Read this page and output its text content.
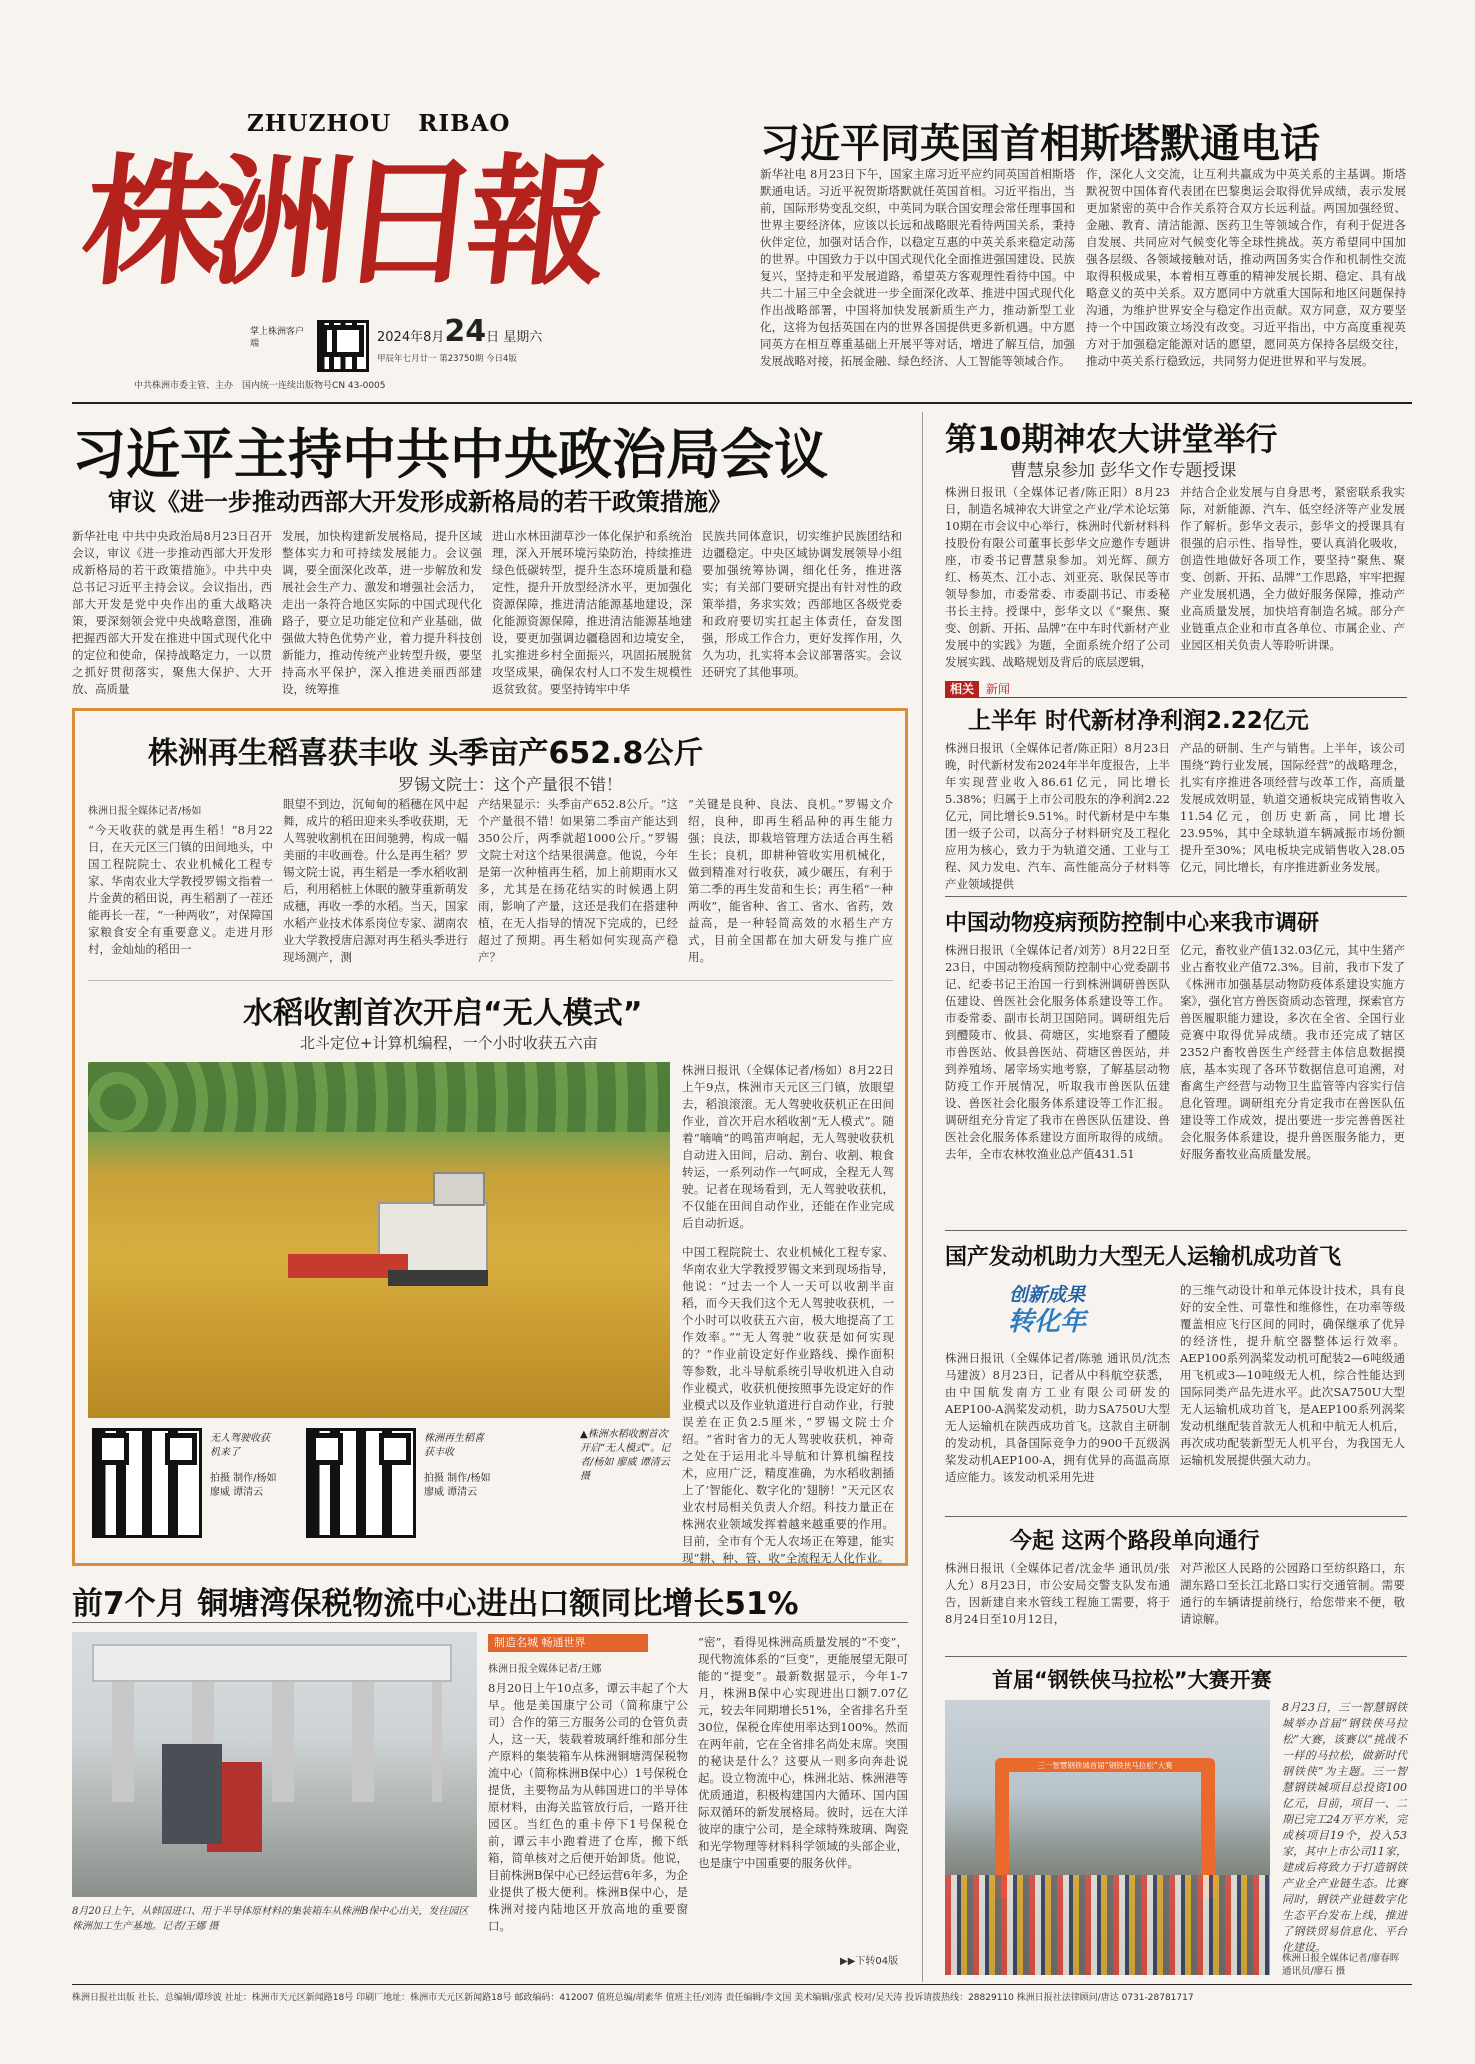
ZHUZHOU   RIBAO
株洲日報
掌上株洲客户端	2024年8月24日 星期六
甲辰年七月廿一 第23750期 今日4版
中共株洲市委主管、主办　 国内统一连续出版物号CN 43-0005
习近平同英国首相斯塔默通电话
新华社电 8月23日下午，国家主席习近平应约同英国首相斯塔默通电话。习近平祝贺斯塔默就任英国首相。习近平指出，当前，国际形势变乱交织，中英同为联合国安理会常任理事国和世界主要经济体，应该以长远和战略眼光看待两国关系，秉持伙伴定位，加强对话合作，以稳定互惠的中英关系来稳定动荡的世界。中国致力于以中国式现代化全面推进强国建设、民族复兴，坚持走和平发展道路，希望英方客观理性看待中国。中共二十届三中全会就进一步全面深化改革、推进中国式现代化作出战略部署，中国将加快发展新质生产力，推动新型工业化，这将为包括英国在内的世界各国提供更多新机遇。中方愿同英方在相互尊重基础上开展平等对话，增进了解互信，加强发展战略对接，拓展金融、绿色经济、人工智能等领域合作。
作，深化人文交流，让互利共赢成为中英关系的主基调。斯塔默祝贺中国体育代表团在巴黎奥运会取得优异成绩，表示发展更加紧密的英中合作关系符合双方长远利益。两国加强经贸、金融、教育、清洁能源、医药卫生等领域合作，有利于促进各自发展、共同应对气候变化等全球性挑战。英方希望同中国加强各层级、各领域接触对话，推动两国务实合作和机制性交流取得积极成果，本着相互尊重的精神发展长期、稳定、具有战略意义的英中关系。双方愿同中方就重大国际和地区问题保持沟通，为维护世界安全与稳定作出贡献。双方同意，双方要坚持一个中国政策立场没有改变。习近平指出，中方高度重视英方对于加强稳定能源对话的愿望，愿同英方保持各层级交往，推动中英关系行稳致远，共同努力促进世界和平与发展。
习近平主持中共中央政治局会议
审议《进一步推动西部大开发形成新格局的若干政策措施》
新华社电 中共中央政治局8月23日召开会议，审议《进一步推动西部大开发形成新格局的若干政策措施》。中共中央总书记习近平主持会议。会议指出，西部大开发是党中央作出的重大战略决策，要深刻领会党中央战略意图，准确把握西部大开发在推进中国式现代化中的定位和使命，保持战略定力，一以贯之抓好贯彻落实，聚焦大保护、大开放、高质量
发展，加快构建新发展格局，提升区域整体实力和可持续发展能力。会议强调，要全面深化改革，进一步解放和发展社会生产力、激发和增强社会活力，走出一条符合地区实际的中国式现代化路子，要立足功能定位和产业基础，做强做大特色优势产业，着力提升科技创新能力，推动传统产业转型升级，要坚持高水平保护，深入推进美丽西部建设，统筹推
进山水林田湖草沙一体化保护和系统治理，深入开展环境污染防治，持续推进绿色低碳转型，提升生态环境质量和稳定性，提升开放型经济水平，更加强化资源保障，推进清洁能源基地建设，深化能源资源保障，推进清洁能源基地建设，要更加强调边疆稳固和边境安全，扎实推进乡村全面振兴，巩固拓展脱贫攻坚成果，确保农村人口不发生规模性返贫致贫。要坚持铸牢中华
民族共同体意识，切实维护民族团结和边疆稳定。中央区域协调发展领导小组要加强统筹协调，细化任务，推进落实；有关部门要研究提出有针对性的政策举措，务求实效；西部地区各级党委和政府要切实扛起主体责任，奋发图强，形成工作合力，更好发挥作用，久久为功，扎实将本会议部署落实。会议还研究了其他事项。
第10期神农大讲堂举行
曹慧泉参加 彭华文作专题授课
株洲日报讯（全媒体记者/陈正阳）8月23日，制造名城神农大讲堂之产业/学术论坛第10期在市会议中心举行，株洲时代新材料科技股份有限公司董事长彭华文应邀作专题讲座，市委书记曹慧泉参加。刘光辉、颜方红、杨英杰、江小志、刘亚亮、耿保民等市领导参加，市委常委、市委副书记、市委秘书长主持。授课中，彭华文以《“聚焦、聚变、创新、开拓、品牌”在中车时代新材产业发展中的实践》为题，全面系统介绍了公司发展实践、战略规划及背后的底层逻辑，
并结合企业发展与自身思考，紧密联系我实际，对新能源、汽车、低空经济等产业发展作了解析。彭华文表示，彭华文的授课具有很强的启示性、指导性，要认真消化吸收，创造性地做好各项工作，要坚持“聚焦、聚变、创新、开拓、品牌”工作思路，牢牢把握产业发展机遇，全力做好服务保障，推动产业高质量发展，加快培育制造名城。部分产业链重点企业和市直各单位、市属企业、产业园区相关负责人等聆听讲课。
相关 新闻
上半年 时代新材净利润2.22亿元
株洲日报讯（全媒体记者/陈正阳）8月23日晚，时代新材发布2024年半年度报告，上半年实现营业收入86.61亿元，同比增长5.38%；归属于上市公司股东的净利润2.22亿元，同比增长9.51%。时代新材是中车集团一级子公司，以高分子材料研究及工程化应用为核心，致力于为轨道交通、工业与工程、风力发电、汽车、高性能高分子材料等产业领域提供
产品的研制、生产与销售。上半年，该公司围绕“跨行业发展，国际经营”的战略理念，扎实有序推进各项经营与改革工作，高质量发展成效明显，轨道交通板块完成销售收入11.54亿元，创历史新高，同比增长23.95%，其中全球轨道车辆减振市场份额提升至30%；风电板块完成销售收入28.05亿元，同比增长，有序推进新业务发展。
中国动物疫病预防控制中心来我市调研
株洲日报讯（全媒体记者/刘芳）8月22日至23日，中国动物疫病预防控制中心党委副书记、纪委书记王治国一行到株洲调研兽医队伍建设、兽医社会化服务体系建设等工作。市委常委、副市长胡卫国陪同。调研组先后到醴陵市、攸县、荷塘区，实地察看了醴陵市兽医站、攸县兽医站、荷塘区兽医站，并到养殖场、屠宰场实地考察，了解基层动物防疫工作开展情况，听取我市兽医队伍建设、兽医社会化服务体系建设等工作汇报。调研组充分肯定了我市在兽医队伍建设、兽医社会化服务体系建设方面所取得的成绩。去年，全市农林牧渔业总产值431.51
亿元，畜牧业产值132.03亿元，其中生猪产业占畜牧业产值72.3%。目前，我市下发了《株洲市加强基层动物防疫体系建设实施方案》，强化官方兽医资质动态管理，探索官方兽医履职能力建设，多次在全省、全国行业竞赛中取得优异成绩。我市还完成了辖区2352户畜牧兽医生产经营主体信息数据摸底，基本实现了各环节数据信息可追溯，对畜禽生产经营与动物卫生监管等内容实行信息化管理。调研组充分肯定我市在兽医队伍建设等工作成效，提出要进一步完善兽医社会化服务体系建设，提升兽医服务能力，更好服务畜牧业高质量发展。
国产发动机助力大型无人运输机成功首飞
创新成果
转化年
株洲日报讯（全媒体记者/陈驰 通讯员/沈杰 马建波）8月23日，记者从中科航空获悉，由中国航发南方工业有限公司研发的AEP100-A涡桨发动机，助力SA750U大型无人运输机在陕西成功首飞。这款自主研制的发动机，具备国际竞争力的900千瓦级涡桨发动机AEP100-A，拥有优异的高温高原适应能力。该发动机采用先进
的三维气动设计和单元体设计技术，具有良好的安全性、可靠性和维修性，在功率等级覆盖相应飞行区间的同时，确保继承了优异的经济性，提升航空器整体运行效率。AEP100系列涡桨发动机可配装2—6吨级通用飞机或3—10吨级无人机，综合性能达到国际同类产品先进水平。此次SA750U大型无人运输机成功首飞，是AEP100系列涡桨发动机继配装首款无人机和中航无人机后，再次成功配装新型无人机平台，为我国无人运输机发展提供强大动力。
今起 这两个路段单向通行
株洲日报讯（全媒体记者/沈金华 通讯员/张人允）8月23日，市公安局交警支队发布通告，因新建自来水管线工程施工需要，将于8月24日至10月12日，
对芦淞区人民路的公园路口至纺织路口，东湖东路口至长江北路口实行交通管制。需要通行的车辆请提前绕行，给您带来不便，敬请谅解。
首届“钢铁侠马拉松”大赛开赛
三一智慧钢铁城首届“钢铁侠马拉松”大赛
8月23日，三一智慧钢铁城举办首届“钢铁侠马拉松”大赛，该赛以“挑战不一样的马拉松，做新时代钢铁侠”为主题。三一智慧钢铁城项目总投资100亿元，目前，项目一、二期已完工24万平方米，完成核项目19个，投入53家，其中上市公司11家，建成后将致力于打造钢铁产业全产业链生态。比赛同时，钢铁产业链数字化生态平台发布上线，推进了钢铁贸易信息化、平台化建设。
株洲日报全媒体记者/廖春晖 通讯员/廖石 摄
株洲再生稻喜获丰收 头季亩产652.8公斤
罗锡文院士：这个产量很不错！
株洲日报全媒体记者/杨如
“今天收获的就是再生稻！”8月22日，在天元区三门镇的田间地头，中国工程院院士、农业机械化工程专家、华南农业大学教授罗锡文指着一片金黄的稻田说，再生稻割了一茬还能再长一茬，“一种两收”，对保障国家粮食安全有重要意义。走进月形村，金灿灿的稻田一
眼望不到边，沉甸甸的稻穗在风中起舞，成片的稻田迎来头季收获期，无人驾驶收割机在田间驰骋，构成一幅美丽的丰收画卷。什么是再生稻？罗锡文院士说，再生稻是一季水稻收割后，利用稻桩上休眠的腋芽重新萌发成穗，再收一季的水稻。当天，国家水稻产业技术体系岗位专家、湖南农业大学教授唐启源对再生稻头季进行现场测产，测
产结果显示：头季亩产652.8公斤。“这个产量很不错！如果第二季亩产能达到350公斤，两季就超1000公斤。”罗锡文院士对这个结果很满意。他说，今年是第一次种植再生稻，加上前期雨水又多，尤其是在扬花结实的时候遇上阴雨，影响了产量，这还是我们在搭建种植，在无人指导的情况下完成的，已经超过了预期。再生稻如何实现高产稳产？
“关键是良种、良法、良机。”罗锡文介绍，良种，即再生稻品种的再生能力强；良法，即栽培管理方法适合再生稻生长；良机，即耕种管收实用机械化，做到精准对行收获，减少碾压，有利于第二季的再生发苗和生长；再生稻“一种两收”，能省种、省工、省水、省药，效益高，是一种轻简高效的水稻生产方式，目前全国都在加大研发与推广应用。
水稻收割首次开启“无人模式”
北斗定位+计算机编程，一个小时收获五六亩
株洲日报讯（全媒体记者/杨如）8月22日上午9点，株洲市天元区三门镇，放眼望去，稻浪滚滚。无人驾驶收获机正在田间作业，首次开启水稻收割“无人模式”。随着“嘀嘀”的鸣笛声响起，无人驾驶收获机自动进入田间，启动、割台、收割、粮食转运，一系列动作一气呵成，全程无人驾驶。记者在现场看到，无人驾驶收获机，不仅能在田间自动作业，还能在作业完成后自动折返。
中国工程院院士、农业机械化工程专家、华南农业大学教授罗锡文来到现场指导，他说：“过去一个人一天可以收割半亩稻，而今天我们这个无人驾驶收获机，一个小时可以收获五六亩，极大地提高了工作效率。”“无人驾驶”收获是如何实现的？“作业前设定好作业路线、操作面积等参数，北斗导航系统引导收机进入自动作业模式，收获机便按照事先设定好的作业模式以及作业轨道进行自动作业，行驶误差在正负2.5厘米，”罗锡文院士介绍。“省时省力的无人驾驶收获机，神奇之处在于运用北斗导航和计算机编程技术，应用广泛，精度准确，为水稻收割插上了‘智能化、数字化的’翅膀！”天元区农业农村局相关负责人介绍。科技力量正在株洲农业领域发挥着越来越重要的作用。目前，全市有个无人农场正在筹建，能实现“耕、种、管、收”全流程无人化作业。
无人驾驶收获机来了
拍摄 制作/杨如 廖威 谭清云
株洲再生稻喜获丰收
拍摄 制作/杨如 廖威 谭清云
▲株洲水稻收割首次开启“无人模式”。记者/杨如 廖威 谭清云 摄
前7个月 铜塘湾保税物流中心进出口额同比增长51%
8月20日上午，从韩国进口、用于半导体原材料的集装箱车从株洲B保中心出关，发往园区株洲加工生产基地。记者/王娜 摄
制造名城 畅通世界
株洲日报全媒体记者/王娜
8月20日上午10点多，谭云丰起了个大早。他是美国康宁公司（简称康宁公司）合作的第三方服务公司的仓管负责人，这一天，装载着玻璃纤维和部分生产原料的集装箱车从株洲铜塘湾保税物流中心（简称株洲B保中心）1号保税仓提货，主要物品为从韩国进口的半导体原材料，由海关监管放行后，一路开往园区。当红色的重卡停下1号保税仓前，谭云丰小跑着进了仓库，搬下纸箱，简单核对之后便开始卸货。他说，目前株洲B保中心已经运营6年多，为企业提供了极大便利。株洲B保中心，是株洲对接内陆地区开放高地的重要窗口。
“密”，看得见株洲高质量发展的“不变”，现代物流体系的“巨变”，更能展望无限可能的“提变”。最新数据显示，今年1-7月，株洲B保中心实现进出口额7.07亿元，较去年同期增长51%，全省排名升至30位，保税仓库使用率达到100%。然而在两年前，它在全省排名尚处末席。突围的秘诀是什么？这要从一则多向奔赴说起。设立物流中心，株洲北站、株洲港等优质通道，积极构建国内大循环、国内国际双循环的新发展格局。彼时，远在大洋彼岸的康宁公司，是全球特殊玻璃、陶瓷和光学物理等材料科学领域的头部企业，也是康宁中国重要的服务伙伴。
▶▶下转04版
株洲日报社出版 社长、总编辑/谭珍波 社址：株洲市天元区新闻路18号 印刷厂地址：株洲市天元区新闻路18号 邮政编码：412007 值班总编/胡素华 值班主任/刘涛 责任编辑/李文国 美术编辑/张武 校对/吴天涛 投诉请拨热线：28829110 株洲日报社法律顾问/唐达 0731-28781717
